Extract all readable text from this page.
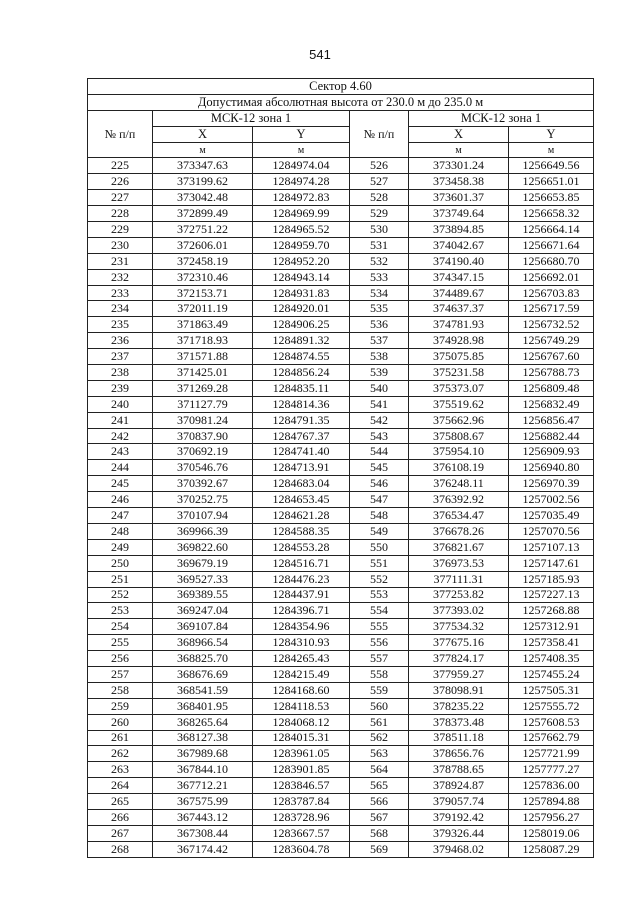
541
Сектор 4.60					
Допустимая абсолютная высота от 230.0 м до 235.0 м					
№ п/п	МСК-12 зона 1		№ п/п	МСК-12 зона 1	
	X	Y		X	Y
	м	м		м	м
225	373347.63	1284974.04	526	373301.24	1256649.56
226	373199.62	1284974.28	527	373458.38	1256651.01
227	373042.48	1284972.83	528	373601.37	1256653.85
228	372899.49	1284969.99	529	373749.64	1256658.32
229	372751.22	1284965.52	530	373894.85	1256664.14
230	372606.01	1284959.70	531	374042.67	1256671.64
231	372458.19	1284952.20	532	374190.40	1256680.70
232	372310.46	1284943.14	533	374347.15	1256692.01
233	372153.71	1284931.83	534	374489.67	1256703.83
234	372011.19	1284920.01	535	374637.37	1256717.59
235	371863.49	1284906.25	536	374781.93	1256732.52
236	371718.93	1284891.32	537	374928.98	1256749.29
237	371571.88	1284874.55	538	375075.85	1256767.60
238	371425.01	1284856.24	539	375231.58	1256788.73
239	371269.28	1284835.11	540	375373.07	1256809.48
240	371127.79	1284814.36	541	375519.62	1256832.49
241	370981.24	1284791.35	542	375662.96	1256856.47
242	370837.90	1284767.37	543	375808.67	1256882.44
243	370692.19	1284741.40	544	375954.10	1256909.93
244	370546.76	1284713.91	545	376108.19	1256940.80
245	370392.67	1284683.04	546	376248.11	1256970.39
246	370252.75	1284653.45	547	376392.92	1257002.56
247	370107.94	1284621.28	548	376534.47	1257035.49
248	369966.39	1284588.35	549	376678.26	1257070.56
249	369822.60	1284553.28	550	376821.67	1257107.13
250	369679.19	1284516.71	551	376973.53	1257147.61
251	369527.33	1284476.23	552	377111.31	1257185.93
252	369389.55	1284437.91	553	377253.82	1257227.13
253	369247.04	1284396.71	554	377393.02	1257268.88
254	369107.84	1284354.96	555	377534.32	1257312.91
255	368966.54	1284310.93	556	377675.16	1257358.41
256	368825.70	1284265.43	557	377824.17	1257408.35
257	368676.69	1284215.49	558	377959.27	1257455.24
258	368541.59	1284168.60	559	378098.91	1257505.31
259	368401.95	1284118.53	560	378235.22	1257555.72
260	368265.64	1284068.12	561	378373.48	1257608.53
261	368127.38	1284015.31	562	378511.18	1257662.79
262	367989.68	1283961.05	563	378656.76	1257721.99
263	367844.10	1283901.85	564	378788.65	1257777.27
264	367712.21	1283846.57	565	378924.87	1257836.00
265	367575.99	1283787.84	566	379057.74	1257894.88
266	367443.12	1283728.96	567	379192.42	1257956.27
267	367308.44	1283667.57	568	379326.44	1258019.06
268	367174.42	1283604.78	569	379468.02	1258087.29
